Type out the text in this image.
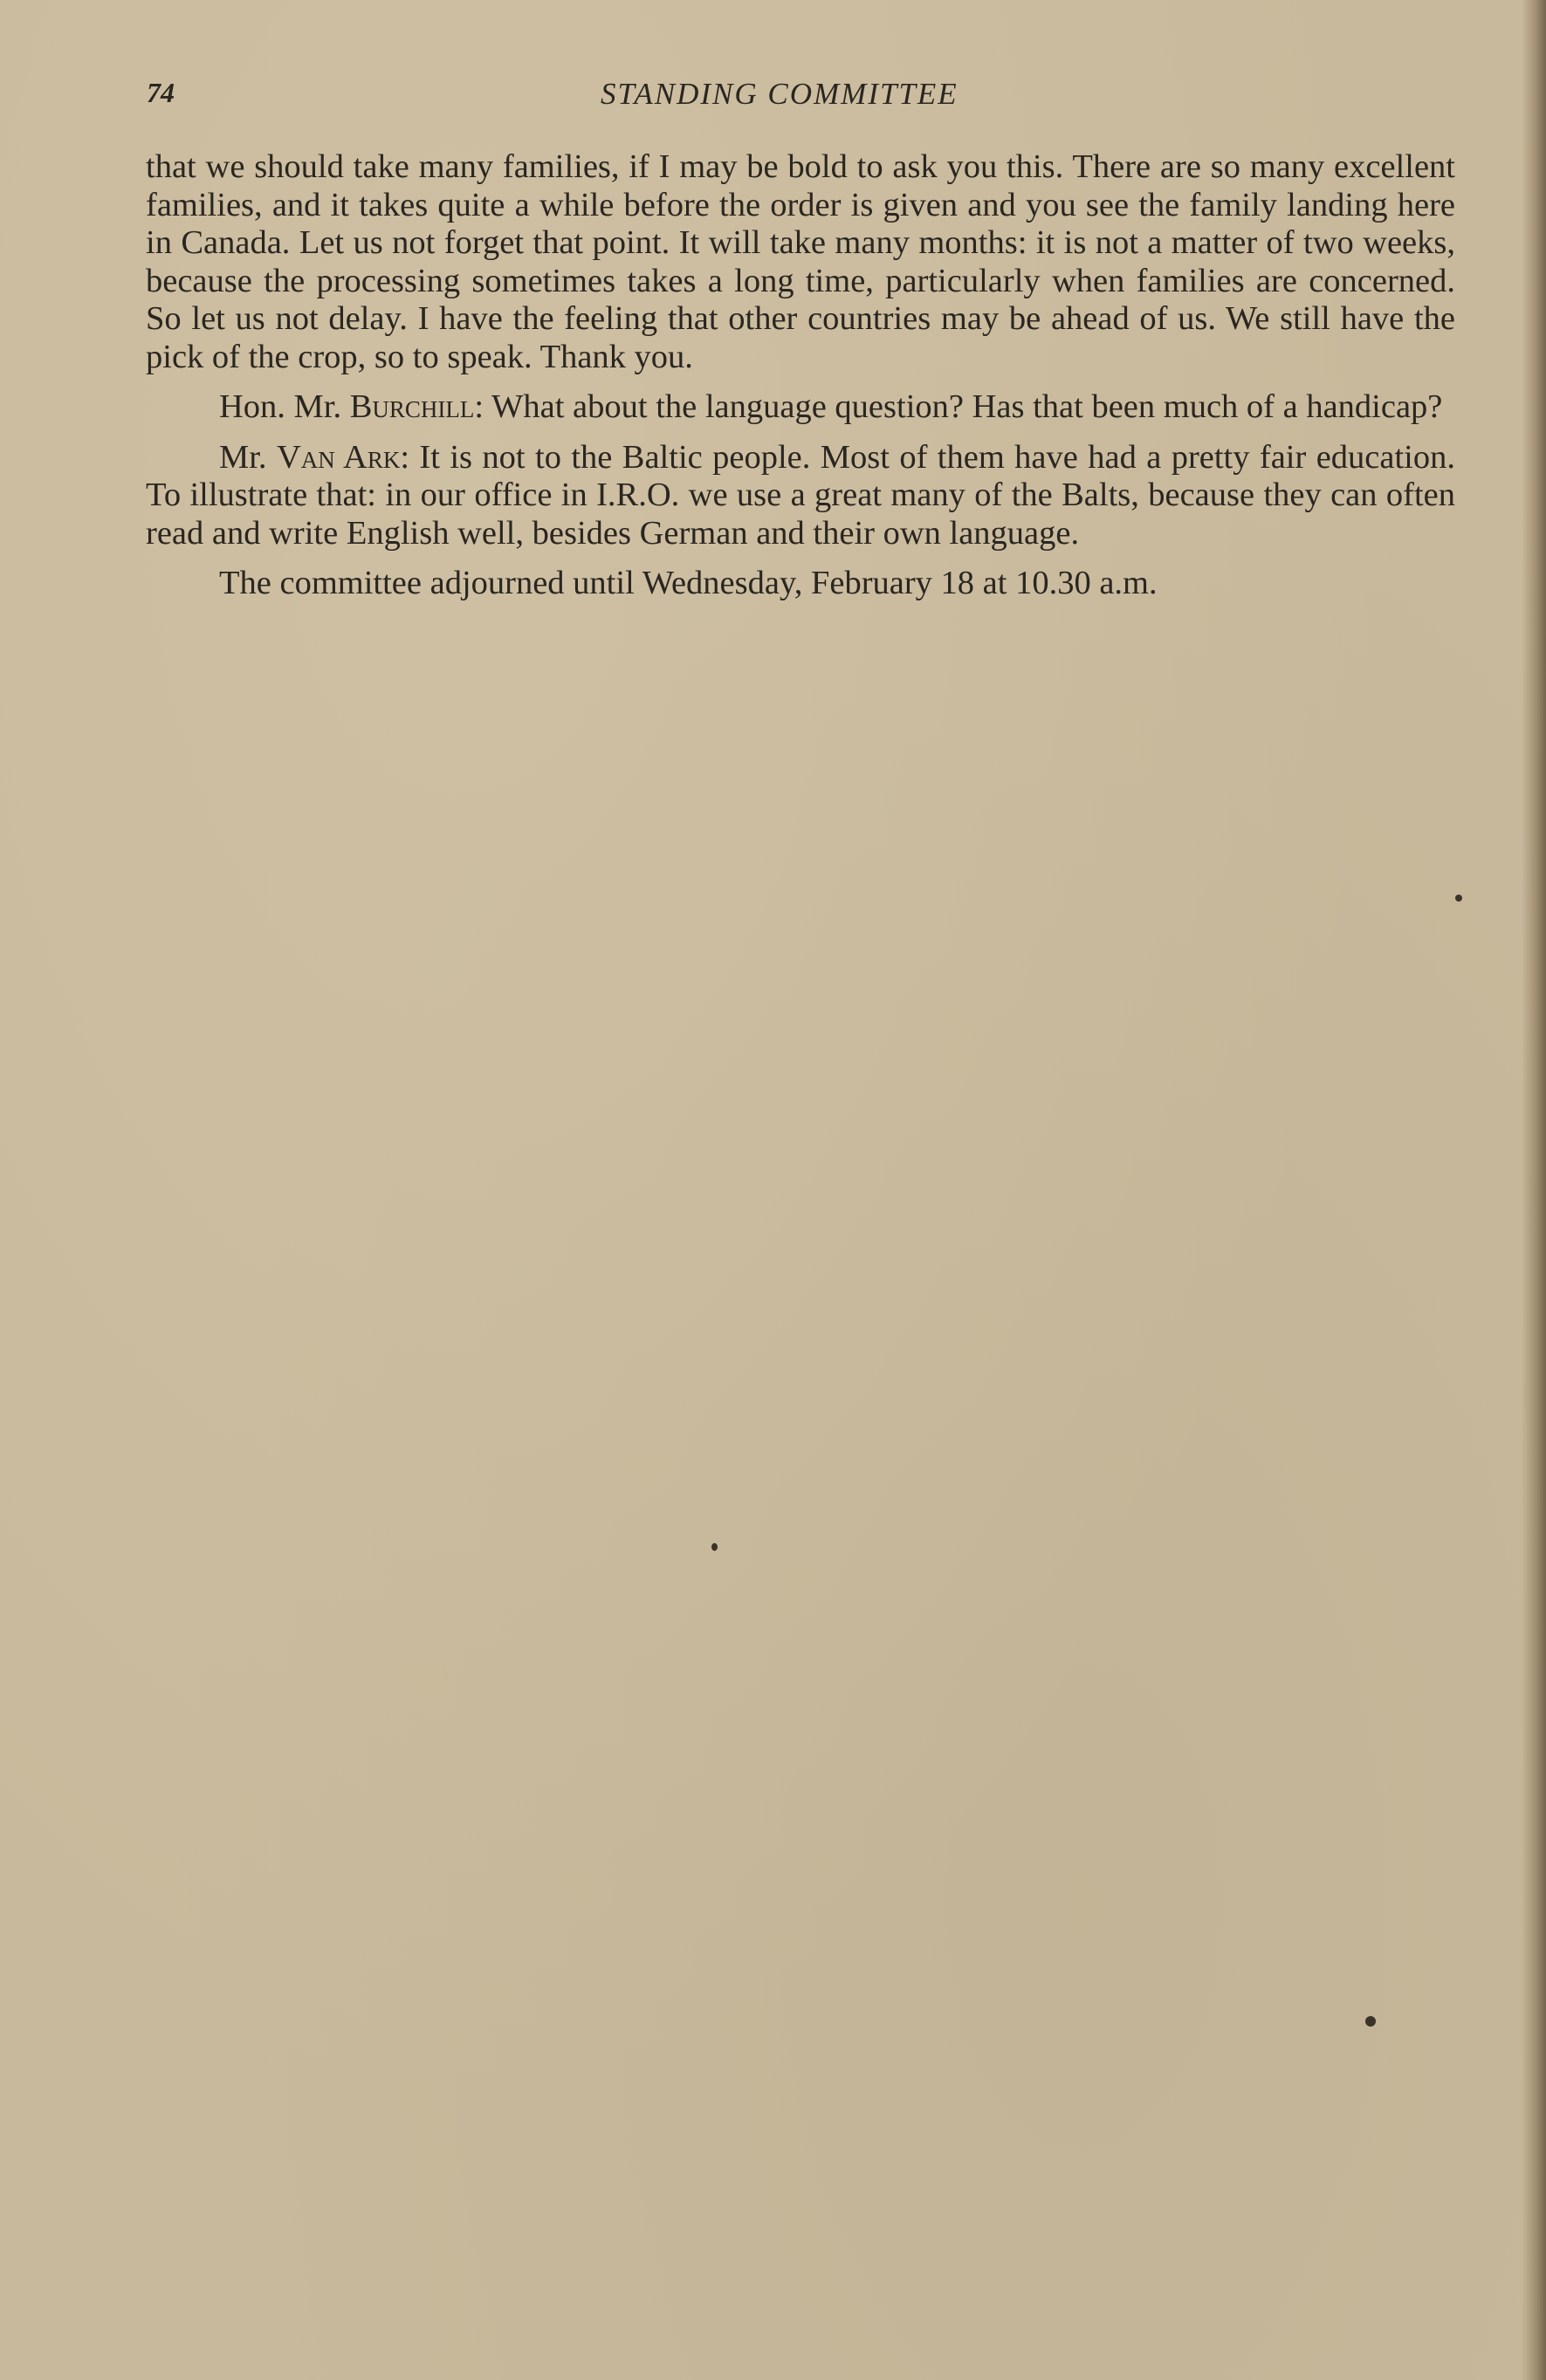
74	STANDING COMMITTEE

that we should take many families, if I may be bold to ask you this. There are so many excellent families, and it takes quite a while before the order is given and you see the family landing here in Canada. Let us not forget that point. It will take many months: it is not a matter of two weeks, because the processing sometimes takes a long time, particularly when families are concerned. So let us not delay. I have the feeling that other countries may be ahead of us. We still have the pick of the crop, so to speak. Thank you.

Hon. Mr. Burchill: What about the language question? Has that been much of a handicap?

Mr. Van Ark: It is not to the Baltic people. Most of them have had a pretty fair education. To illustrate that: in our office in I.R.O. we use a great many of the Balts, because they can often read and write English well, besides German and their own language.

The committee adjourned until Wednesday, February 18 at 10.30 a.m.
